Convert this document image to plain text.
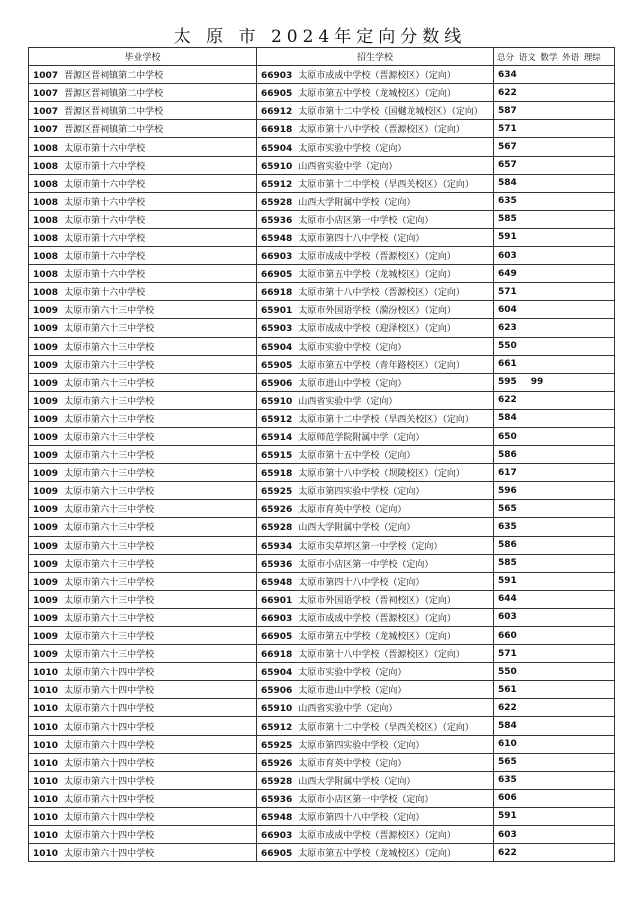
太 原 市 2024年定向分数线
毕业学校	招生学校	总分 语文 数学 外语 理综
1007 晋源区晋祠镇第二中学校	66903 太原市成成中学校（晋源校区）（定向）	634
1007 晋源区晋祠镇第二中学校	66905 太原市第五中学校（龙城校区）（定向）	622
1007 晋源区晋祠镇第二中学校	66912 太原市第十二中学校（国樾龙城校区）（定向）	587
1007 晋源区晋祠镇第二中学校	66918 太原市第十八中学校（晋源校区）（定向）	571
1008 太原市第十六中学校	65904 太原市实验中学校（定向）	567
1008 太原市第十六中学校	65910 山西省实验中学（定向）	657
1008 太原市第十六中学校	65912 太原市第十二中学校（旱西关校区）（定向）	584
1008 太原市第十六中学校	65928 山西大学附属中学校（定向）	635
1008 太原市第十六中学校	65936 太原市小店区第一中学校（定向）	585
1008 太原市第十六中学校	65948 太原市第四十八中学校（定向）	591
1008 太原市第十六中学校	66903 太原市成成中学校（晋源校区）（定向）	603
1008 太原市第十六中学校	66905 太原市第五中学校（龙城校区）（定向）	649
1008 太原市第十六中学校	66918 太原市第十八中学校（晋源校区）（定向）	571
1009 太原市第六十三中学校	65901 太原市外国语学校（漪汾校区）（定向）	604
1009 太原市第六十三中学校	65903 太原市成成中学校（迎泽校区）（定向）	623
1009 太原市第六十三中学校	65904 太原市实验中学校（定向）	550
1009 太原市第六十三中学校	65905 太原市第五中学校（青年路校区）（定向）	661
1009 太原市第六十三中学校	65906 太原市进山中学校（定向）	595 99
1009 太原市第六十三中学校	65910 山西省实验中学（定向）	622
1009 太原市第六十三中学校	65912 太原市第十二中学校（旱西关校区）（定向）	584
1009 太原市第六十三中学校	65914 太原师范学院附属中学（定向）	650
1009 太原市第六十三中学校	65915 太原市第十五中学校（定向）	586
1009 太原市第六十三中学校	65918 太原市第十八中学校（坝陵校区）（定向）	617
1009 太原市第六十三中学校	65925 太原市第四实验中学校（定向）	596
1009 太原市第六十三中学校	65926 太原市育英中学校（定向）	565
1009 太原市第六十三中学校	65928 山西大学附属中学校（定向）	635
1009 太原市第六十三中学校	65934 太原市尖草坪区第一中学校（定向）	586
1009 太原市第六十三中学校	65936 太原市小店区第一中学校（定向）	585
1009 太原市第六十三中学校	65948 太原市第四十八中学校（定向）	591
1009 太原市第六十三中学校	66901 太原市外国语学校（晋祠校区）（定向）	644
1009 太原市第六十三中学校	66903 太原市成成中学校（晋源校区）（定向）	603
1009 太原市第六十三中学校	66905 太原市第五中学校（龙城校区）（定向）	660
1009 太原市第六十三中学校	66918 太原市第十八中学校（晋源校区）（定向）	571
1010 太原市第六十四中学校	65904 太原市实验中学校（定向）	550
1010 太原市第六十四中学校	65906 太原市进山中学校（定向）	561
1010 太原市第六十四中学校	65910 山西省实验中学（定向）	622
1010 太原市第六十四中学校	65912 太原市第十二中学校（旱西关校区）（定向）	584
1010 太原市第六十四中学校	65925 太原市第四实验中学校（定向）	610
1010 太原市第六十四中学校	65926 太原市育英中学校（定向）	565
1010 太原市第六十四中学校	65928 山西大学附属中学校（定向）	635
1010 太原市第六十四中学校	65936 太原市小店区第一中学校（定向）	606
1010 太原市第六十四中学校	65948 太原市第四十八中学校（定向）	591
1010 太原市第六十四中学校	66903 太原市成成中学校（晋源校区）（定向）	603
1010 太原市第六十四中学校	66905 太原市第五中学校（龙城校区）（定向）	622
